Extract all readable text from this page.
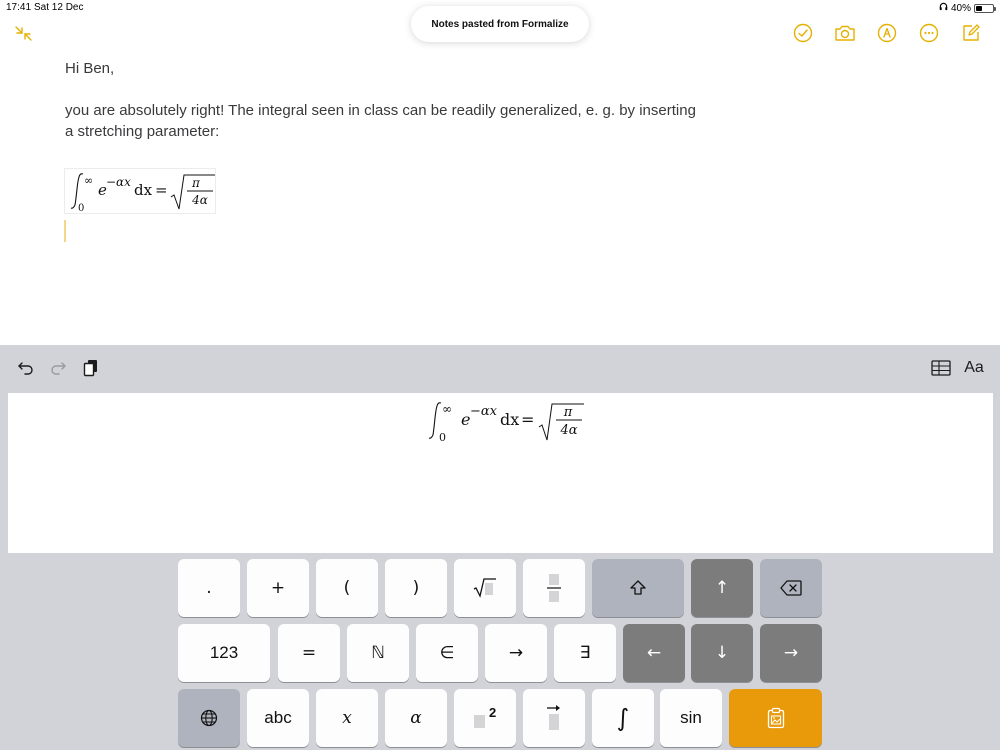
17:41 Sat 12 Dec	40%
Notes pasted from Formalize

Hi Ben,

you are absolutely right! The integral seen in class can be readily generalized, e. g. by inserting a stretching parameter:

∞
0
e −αx dx = π
4α
Aa
∞
0
e −αx dx = π
4α
.	+	(	)	↑
123	=	ℕ	∈	→	∃	←	↓	→
abc	x	α	2	∫	sin
